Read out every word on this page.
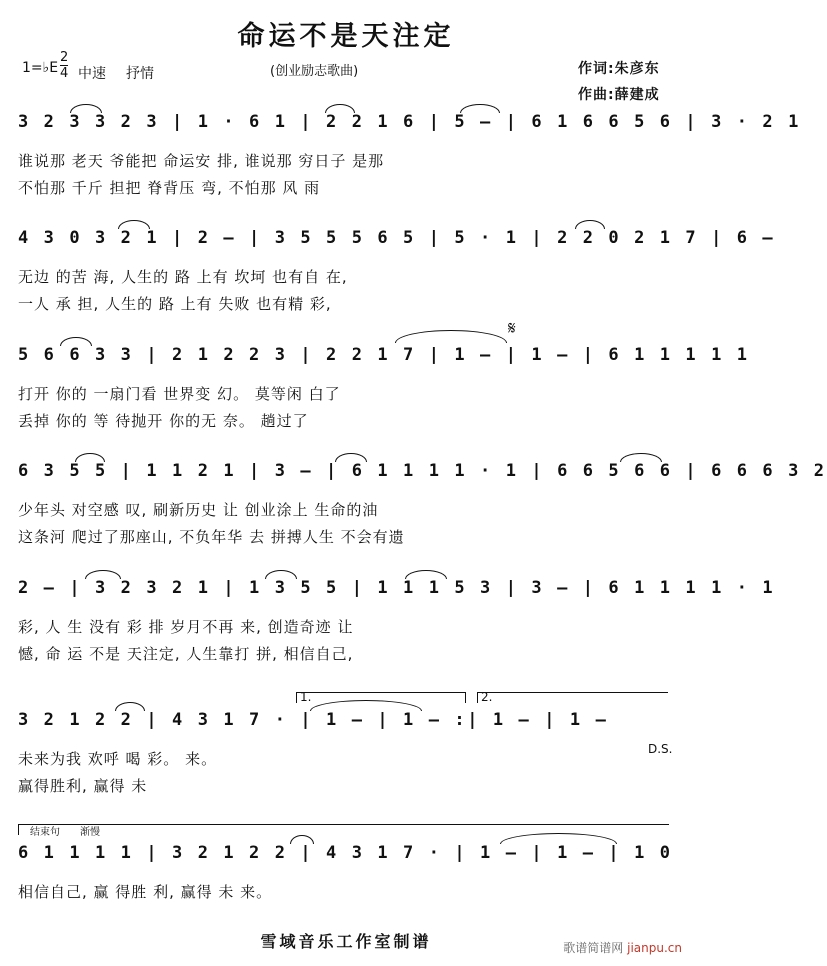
命运不是天注定
1=♭E $\frac{2}{4}$ 中速 抒情	(创业励志歌曲)	作词:朱彦东
作曲:薛建成
3 2 3 3 2 3 | 1 · 6 1 | 2 2 1 6 | 5 – | 6 1 6 6 5 6 | 3 · 2 1
谁说那 老天 爷能把 命运安 排, 谁说那 穷日子 是那
不怕那 千斤 担把 脊背压 弯, 不怕那 风 雨
4 3 0 3 2 1 | 2 – | 3 5 5 5 6 5 | 5 · 1 | 2 2 0 2 1 7 | 6 –
无边 的苦 海, 人生的 路 上有 坎坷 也有自 在,
一人 承 担, 人生的 路 上有 失败 也有精 彩,
𝄋
5 6 6 3 3 | 2 1 2 2 3 | 2 2 1 7 | 1 – | 1 – | 6 1 1 1 1 1
打开 你的 一扇门看 世界变 幻。 莫等闲 白了
丢掉 你的 等 待抛开 你的无 奈。 趟过了
6 3 5 5 | 1 1 2 1 | 3 – | 6 1 1 1 1 · 1 | 6 6 5 6 6 | 6 6 6 3 2
少年头 对空感 叹, 刷新历史 让 创业涂上 生命的油
这条河 爬过了那座山, 不负年华 去 拼搏人生 不会有遗
2 – | 3 2 3 2 1 | 1 3 5 5 | 1 1 1 5 3 | 3 – | 6 1 1 1 1 · 1
彩, 人 生 没有 彩 排 岁月不再 来, 创造奇迹 让
憾, 命 运 不是 天注定, 人生靠打 拼, 相信自己,
1.	2.
3 2 1 2 2 | 4 3 1 7 · | 1 – | 1 – :| 1 – | 1 –
D.S.
未来为我 欢呼 喝 彩。 来。
赢得胜利, 赢得 未
结束句 渐慢
6 1 1 1 1 | 3 2 1 2 2 | 4 3 1 7 · | 1 – | 1 – | 1 0
相信自己, 赢 得胜 利, 赢得 未 来。
雪域音乐工作室制谱	歌谱简谱网 jianpu.cn
